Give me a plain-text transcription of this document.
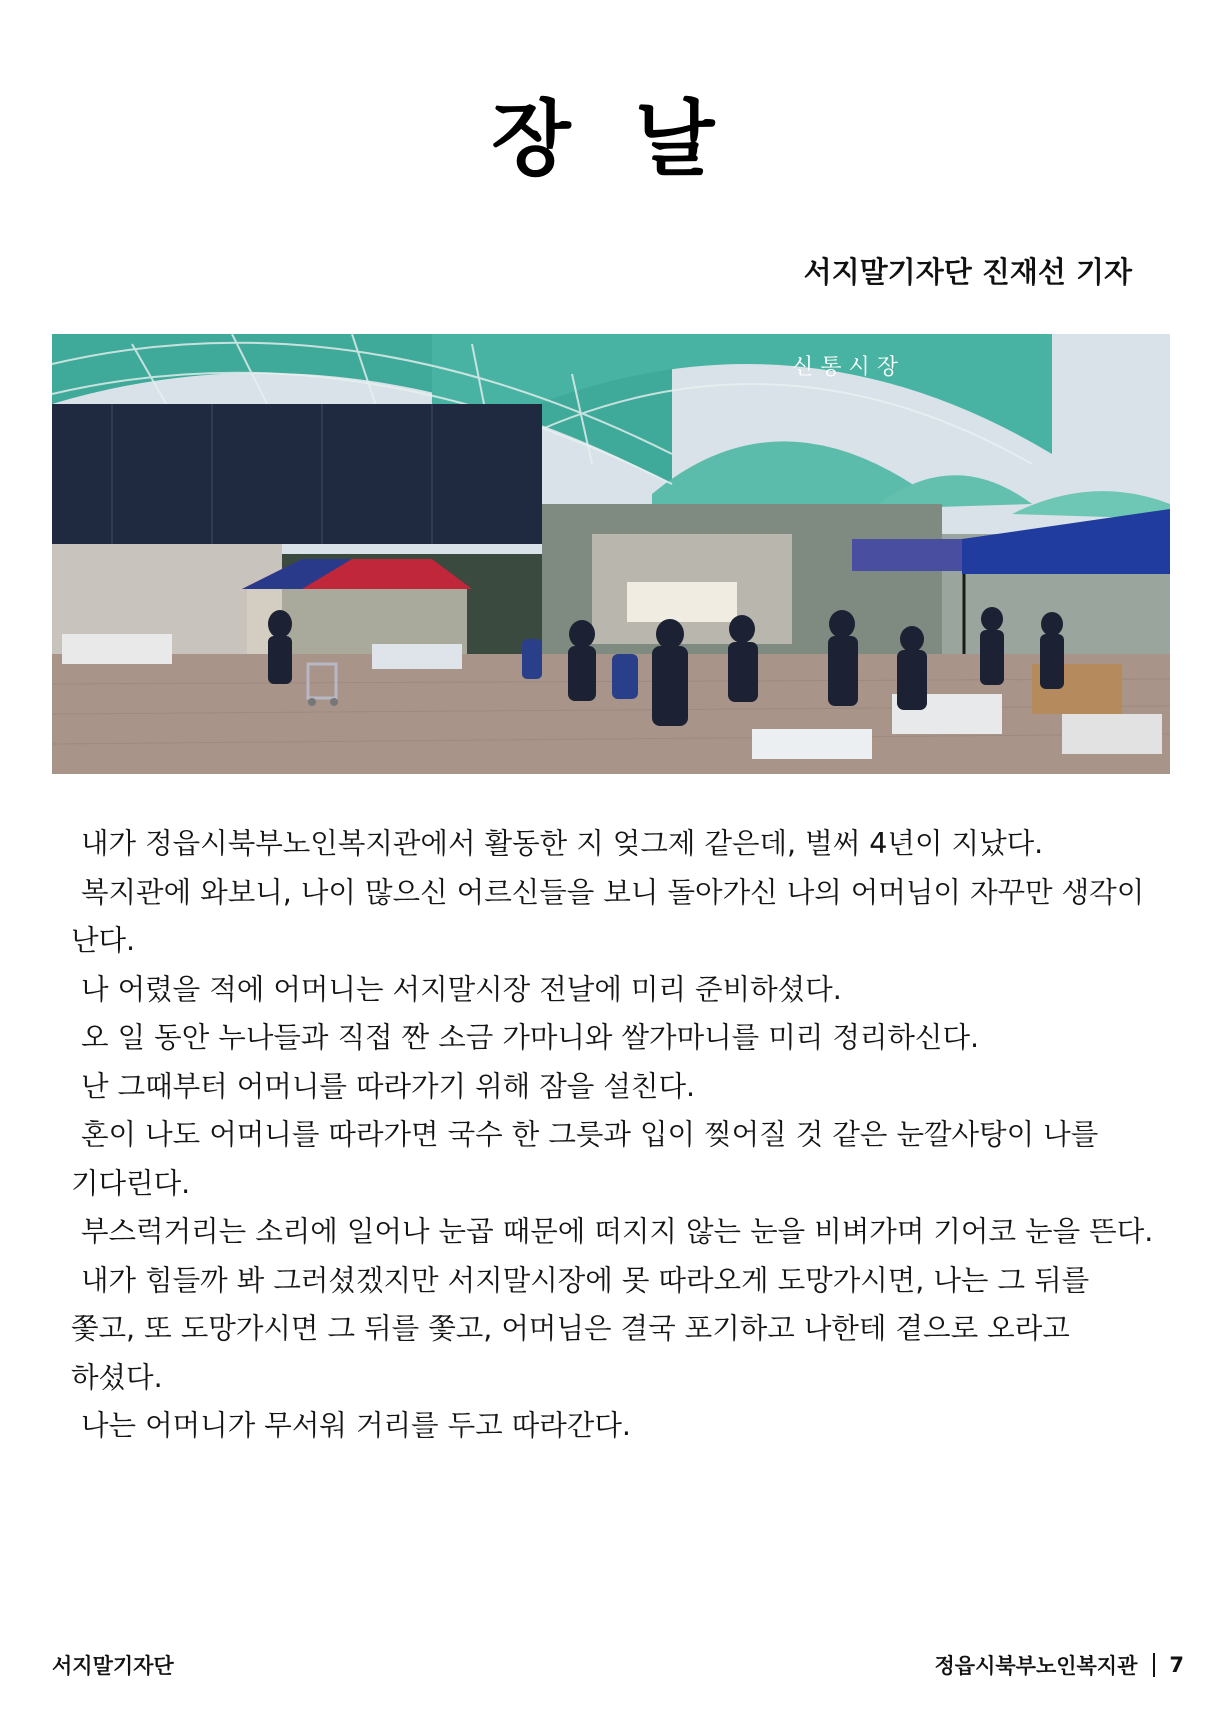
장 날
서지말기자단 진재선 기자
신 통 시 장

내가 정읍시북부노인복지관에서 활동한 지 엊그제 같은데, 벌써 4년이 지났다.

복지관에 와보니, 나이 많으신 어르신들을 보니 돌아가신 나의 어머님이 자꾸만 생각이 난다.

나 어렸을 적에 어머니는 서지말시장 전날에 미리 준비하셨다.

오 일 동안 누나들과 직접 짠 소금 가마니와 쌀가마니를 미리 정리하신다.

난 그때부터 어머니를 따라가기 위해 잠을 설친다.

혼이 나도 어머니를 따라가면 국수 한 그릇과 입이 찢어질 것 같은 눈깔사탕이 나를 기다린다.

부스럭거리는 소리에 일어나 눈곱 때문에 떠지지 않는 눈을 비벼가며 기어코 눈을 뜬다.

내가 힘들까 봐 그러셨겠지만 서지말시장에 못 따라오게 도망가시면, 나는 그 뒤를 쫓고, 또 도망가시면 그 뒤를 쫓고, 어머님은 결국 포기하고 나한테 곁으로 오라고 하셨다.

나는 어머니가 무서워 거리를 두고 따라간다.

서지말기자단	정읍시북부노인복지관 7
